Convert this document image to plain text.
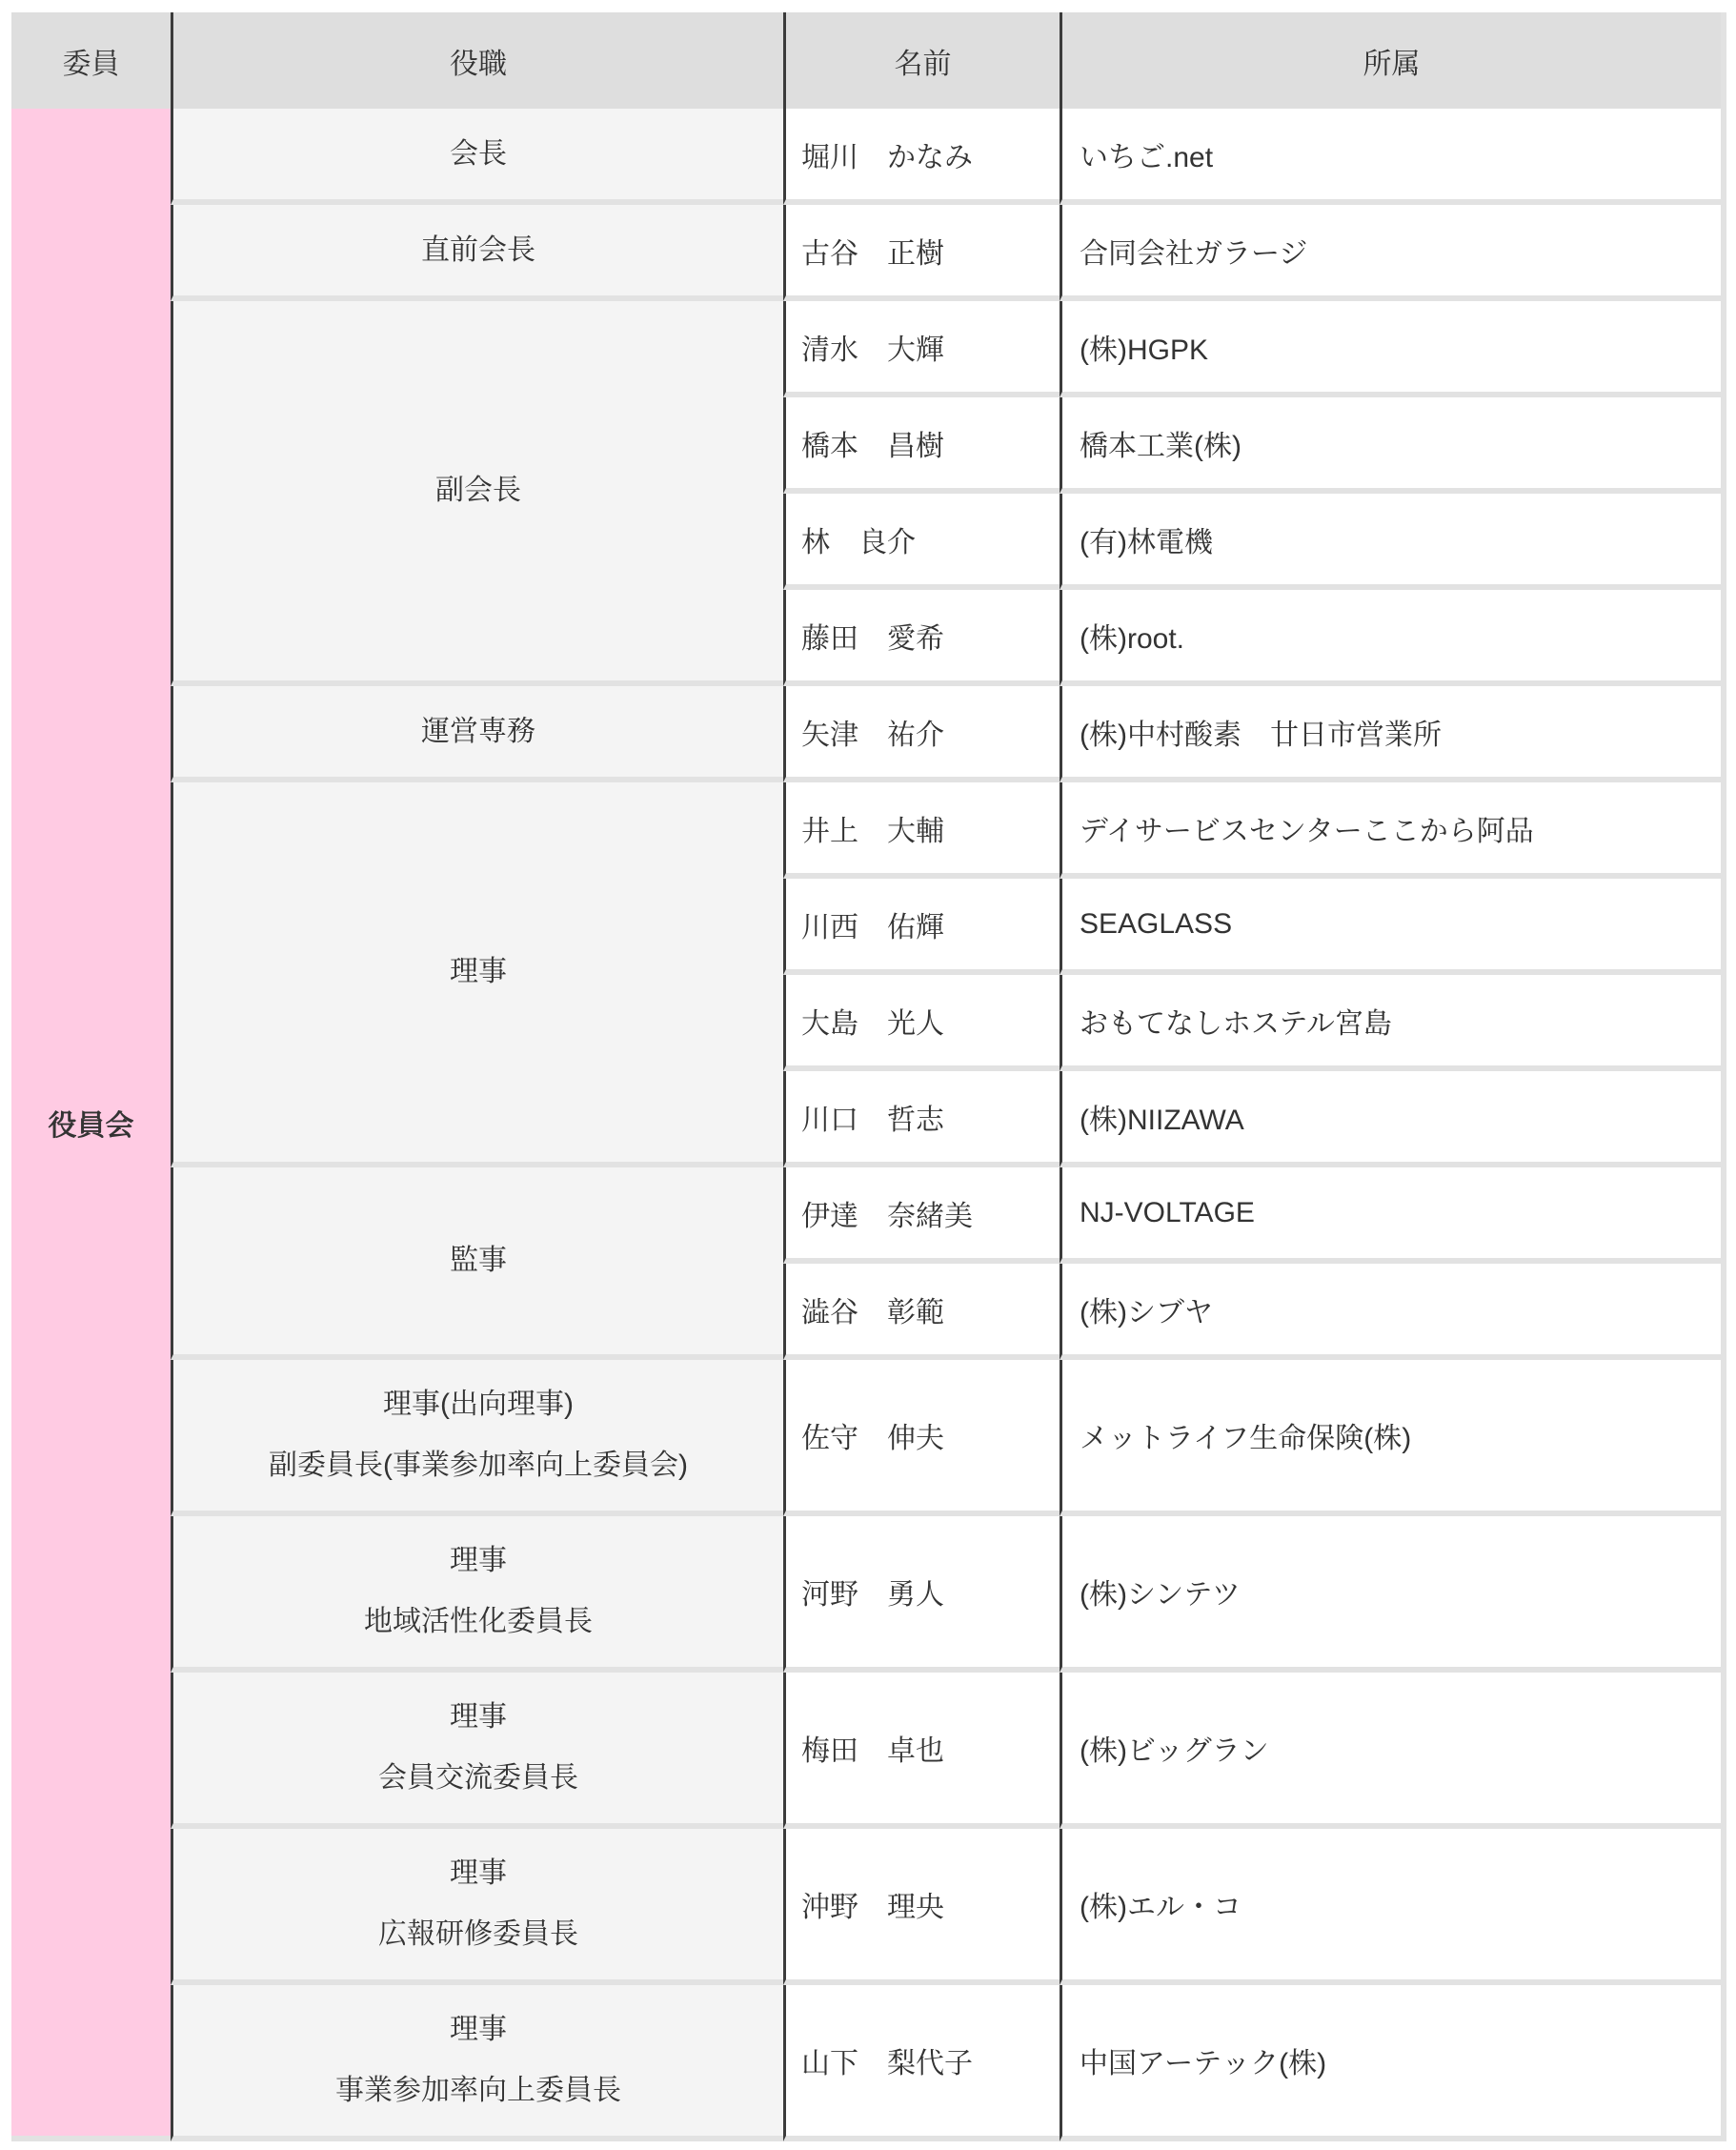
委員	役職	名前	所属
役員会	会長	堀川　かなみ	いちご.net

	直前会長	古谷　正樹	合同会社ガラージ

	副会長	清水　大輝	(株)HGPK
		橋本　昌樹	橋本工業(株)
		林　良介	(有)林電機
		藤田　愛希	(株)root.

	運営専務	矢津　祐介	(株)中村酸素　廿日市営業所

	理事	井上　大輔	デイサービスセンターここから阿品
		川西　佑輝	SEAGLASS
		大島　光人	おもてなしホステル宮島
		川口　哲志	(株)NIIZAWA

	監事	伊達　奈緒美	NJ-VOLTAGE
		澁谷　彰範	(株)シブヤ

	理事(出向理事)
副委員長(事業参加率向上委員会)	佐守　伸夫	メットライフ生命保険(株)

	理事
地域活性化委員長	河野　勇人	(株)シンテツ

	理事
会員交流委員長	梅田　卓也	(株)ビッグラン

	理事
広報研修委員長	沖野　理央	(株)エル・コ

	理事
事業参加率向上委員長	山下　梨代子	中国アーテック(株)
